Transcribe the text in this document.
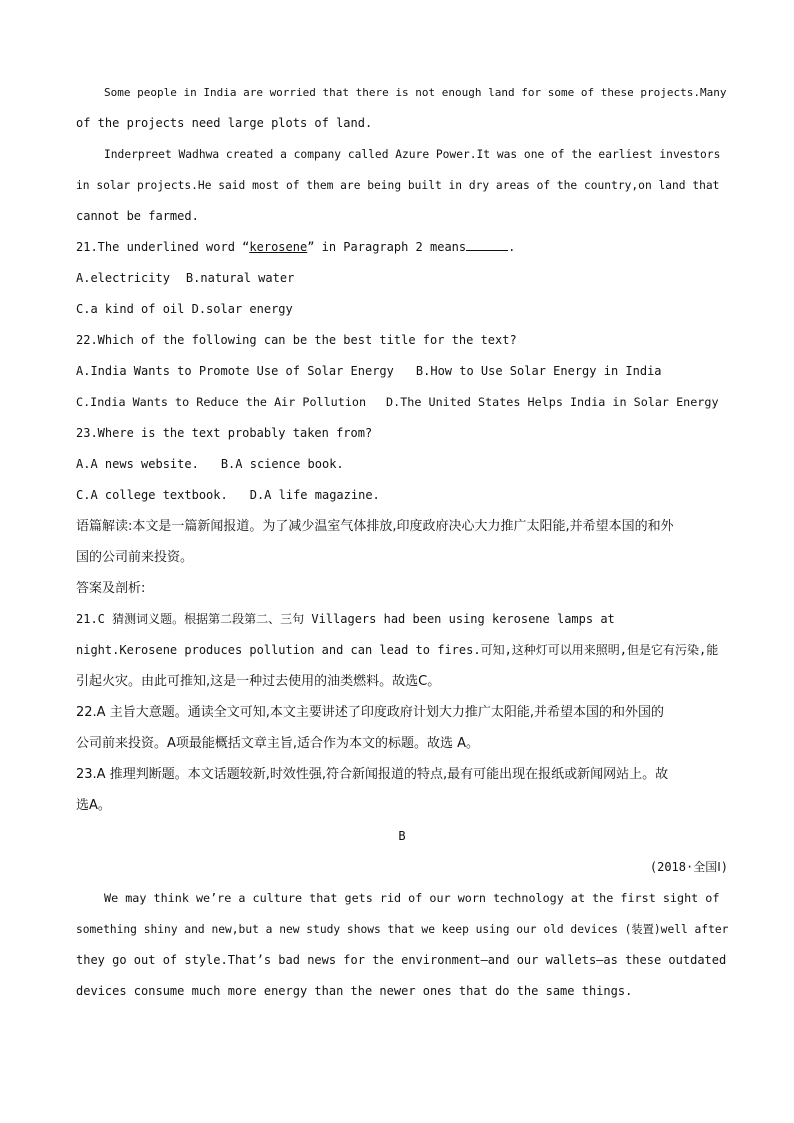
Some people in India are worried that there is not enough land for some of these projects.Many
of the projects need large plots of land.
Inderpreet Wadhwa created a company called Azure Power.It was one of the earliest investors
in solar projects.He said most of them are being built in dry areas of the country,on land that
cannot be farmed.
21.The underlined word “kerosene” in Paragraph 2 means	.
A.electricity B.natural water
C.a kind of oil D.solar energy
22.Which of the following can be the best title for the text?
A.India Wants to Promote Use of Solar Energy B.How to Use Solar Energy in India
C.India Wants to Reduce the Air Pollution D.The United States Helps India in Solar Energy
23.Where is the text probably taken from?
A.A news website. B.A science book.
C.A college textbook. D.A life magazine.
语篇解读:本文是一篇新闻报道。为了减少温室气体排放,印度政府决心大力推广太阳能,并希望本国的和外
国的公司前来投资。
答案及剖析:
21.C 猜测词义题。根据第二段第二、三句 Villagers had been using kerosene lamps at
night.Kerosene produces pollution and can lead to fires.可知,这种灯可以用来照明,但是它有污染,能
引起火灾。由此可推知,这是一种过去使用的油类燃料。故选C。
22.A 主旨大意题。通读全文可知,本文主要讲述了印度政府计划大力推广太阳能,并希望本国的和外国的
公司前来投资。A项最能概括文章主旨,适合作为本文的标题。故选 A。
23.A 推理判断题。本文话题较新,时效性强,符合新闻报道的特点,最有可能出现在报纸或新闻网站上。故
选A。
B
(2018·全国Ⅰ)
We may think we’re a culture that gets rid of our worn technology at the first sight of
something shiny and new,but a new study shows that we keep using our old devices (装置)well after
they go out of style.That’s bad news for the environment—and our wallets—as these outdated
devices consume much more energy than the newer ones that do the same things.
